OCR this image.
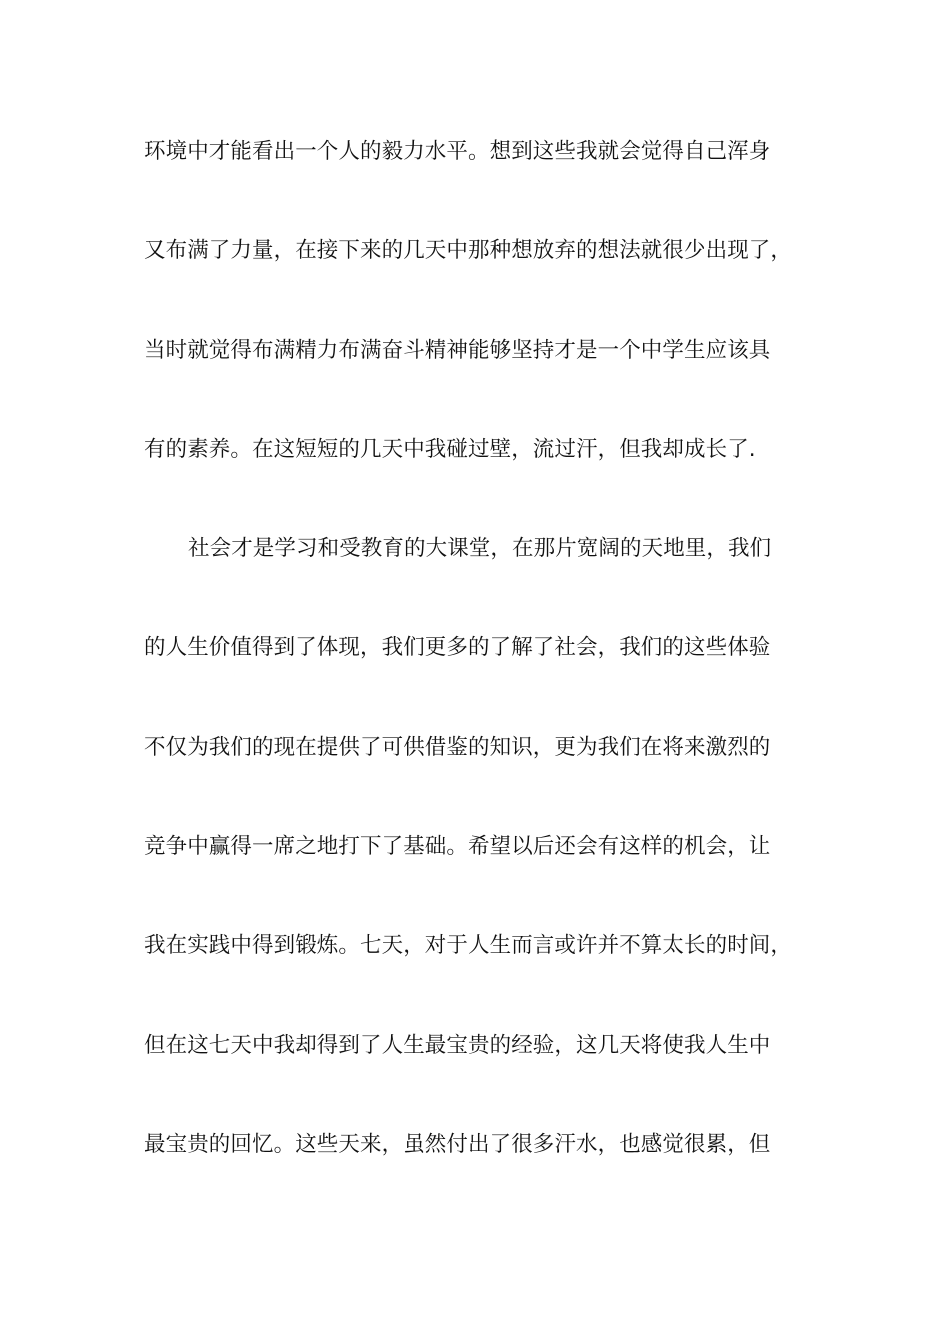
环境中才能看出一个人的毅力水平。想到这些我就会觉得自己浑身
又布满了力量，在接下来的几天中那种想放弃的想法就很少出现了，
当时就觉得布满精力布满奋斗精神能够坚持才是一个中学生应该具
有的素养。在这短短的几天中我碰过壁，流过汗，但我却成长了.
社会才是学习和受教育的大课堂，在那片宽阔的天地里，我们
的人生价值得到了体现，我们更多的了解了社会，我们的这些体验
不仅为我们的现在提供了可供借鉴的知识，更为我们在将来激烈的
竞争中赢得一席之地打下了基础。希望以后还会有这样的机会，让
我在实践中得到锻炼。七天，对于人生而言或许并不算太长的时间，
但在这七天中我却得到了人生最宝贵的经验，这几天将使我人生中
最宝贵的回忆。这些天来，虽然付出了很多汗水，也感觉很累，但
